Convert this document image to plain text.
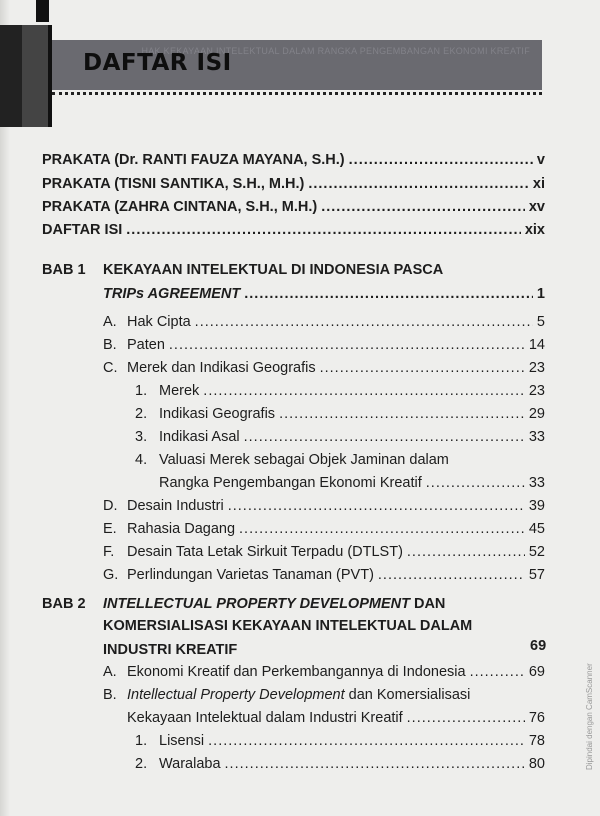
HAK KEKAYAAN INTELEKTUAL DALAM RANGKA PENGEMBANGAN EKONOMI KREATIF
DAFTAR ISI
PRAKATA (Dr. RANTI FAUZA MAYANA, S.H.) .....	v
PRAKATA (TISNI SANTIKA, S.H., M.H.) .....	xi
PRAKATA (ZAHRA CINTANA, S.H., M.H.) .....	xv
DAFTAR ISI .....	xix
BAB 1 KEKAYAAN INTELEKTUAL DI INDONESIA PASCA
TRIPs AGREEMENT .....	1
A. Hak Cipta .....	5
B. Paten .....	14
C. Merek dan Indikasi Geografis .....	23
1. Merek .....	23
2. Indikasi Geografis .....	29
3. Indikasi Asal .....	33
4. Valuasi Merek sebagai Objek Jaminan dalam
Rangka Pengembangan Ekonomi Kreatif .....	33
D. Desain Industri .....	39
E. Rahasia Dagang .....	45
F. Desain Tata Letak Sirkuit Terpadu (DTLST) .....	52
G. Perlindungan Varietas Tanaman (PVT) .....	57
BAB 2 INTELLECTUAL PROPERTY DEVELOPMENT DAN
KOMERSIALISASI KEKAYAAN INTELEKTUAL DALAM
INDUSTRI KREATIF	69
A. Ekonomi Kreatif dan Perkembangannya di Indonesia .....	69
B. Intellectual Property Development dan Komersialisasi
Kekayaan Intelektual dalam Industri Kreatif .....	76
1. Lisensi .....	78
2. Waralaba .....	80	Dipindai dengan CamScanner
